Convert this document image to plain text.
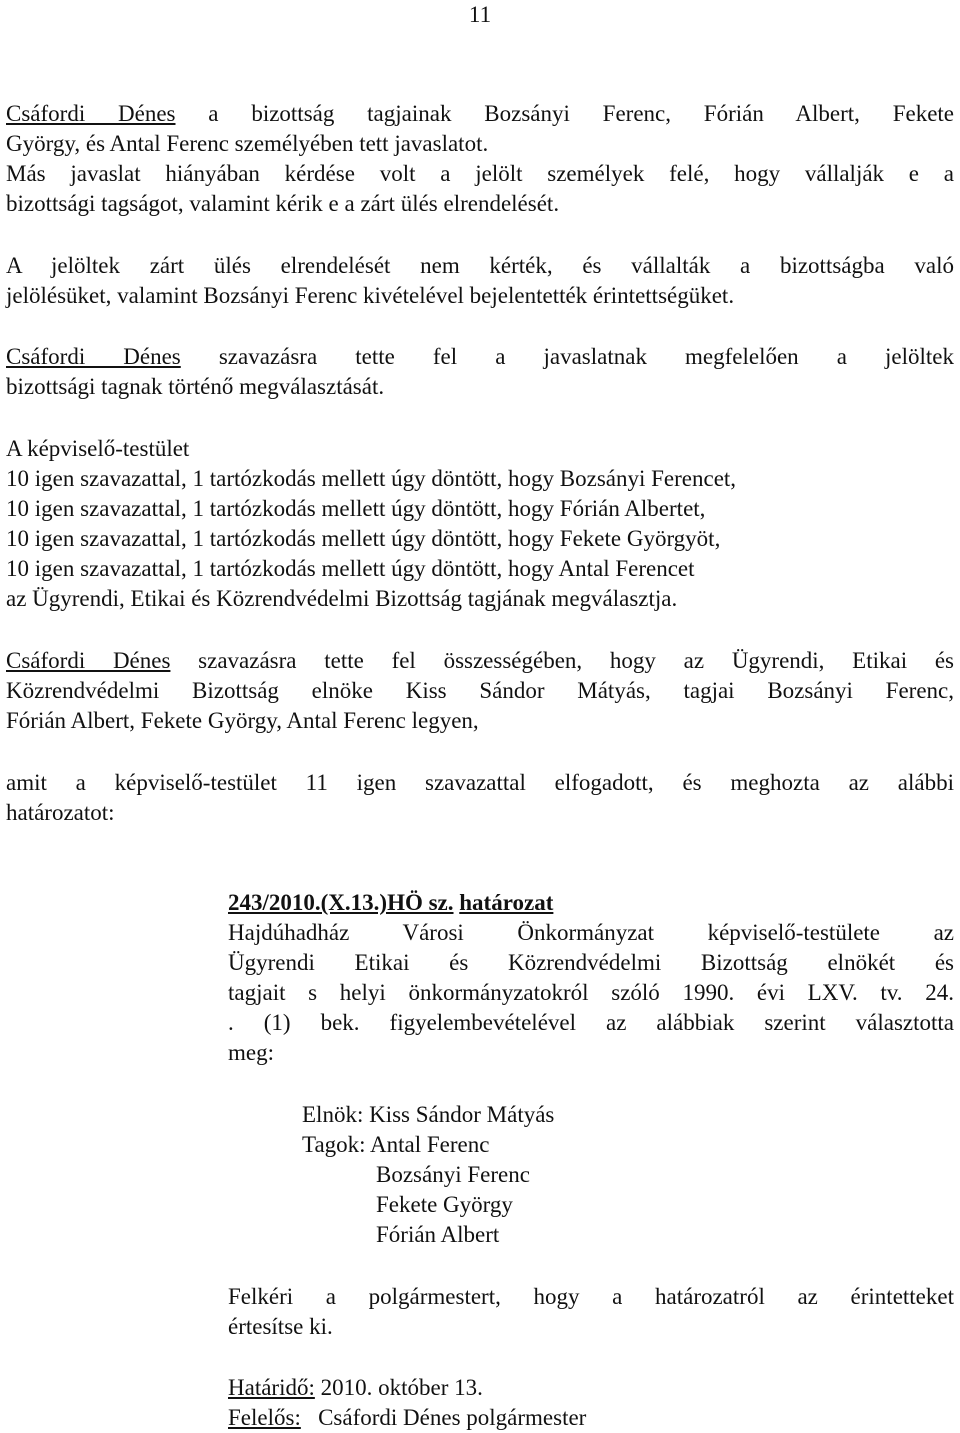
11
Csáfordi Dénes a bizottság tagjainak Bozsányi Ferenc, Fórián Albert, Fekete
György, és Antal Ferenc személyében tett javaslatot.
Más javaslat hiányában kérdése volt a jelölt személyek felé, hogy vállalják e a
bizottsági tagságot, valamint kérik e a zárt ülés elrendelését.
A jelöltek zárt ülés elrendelését nem kérték, és vállalták a bizottságba való
jelölésüket, valamint Bozsányi Ferenc kivételével bejelentették érintettségüket.
Csáfordi Dénes szavazásra tette fel a javaslatnak megfelelően a jelöltek
bizottsági tagnak történő megválasztását.
A képviselő-testület
10 igen szavazattal, 1 tartózkodás mellett úgy döntött, hogy Bozsányi Ferencet,
10 igen szavazattal, 1 tartózkodás mellett úgy döntött, hogy Fórián Albertet,
10 igen szavazattal, 1 tartózkodás mellett úgy döntött, hogy Fekete Györgyöt,
10 igen szavazattal, 1 tartózkodás mellett úgy döntött, hogy Antal Ferencet
az Ügyrendi, Etikai és Közrendvédelmi Bizottság tagjának megválasztja.
Csáfordi Dénes szavazásra tette fel összességében, hogy az Ügyrendi, Etikai és
Közrendvédelmi Bizottság elnöke Kiss Sándor Mátyás, tagjai Bozsányi Ferenc,
Fórián Albert, Fekete György, Antal Ferenc legyen,
amit a képviselő-testület 11 igen szavazattal elfogadott, és meghozta az alábbi
határozatot:
243/2010.(X.13.)HÖ sz. határozat
Hajdúhadház Városi Önkormányzat képviselő-testülete az
Ügyrendi Etikai és Közrendvédelmi Bizottság elnökét és
tagjait s helyi önkormányzatokról szóló 1990. évi LXV. tv. 24.
. (1) bek. figyelembevételével az alábbiak szerint választotta
meg:
Elnök: Kiss Sándor Mátyás
Tagok: Antal Ferenc
Bozsányi Ferenc
Fekete György
Fórián Albert
Felkéri a polgármestert, hogy a határozatról az érintetteket
értesítse ki.
Határidő: 2010. október 13.
Felelős: Csáfordi Dénes polgármester
